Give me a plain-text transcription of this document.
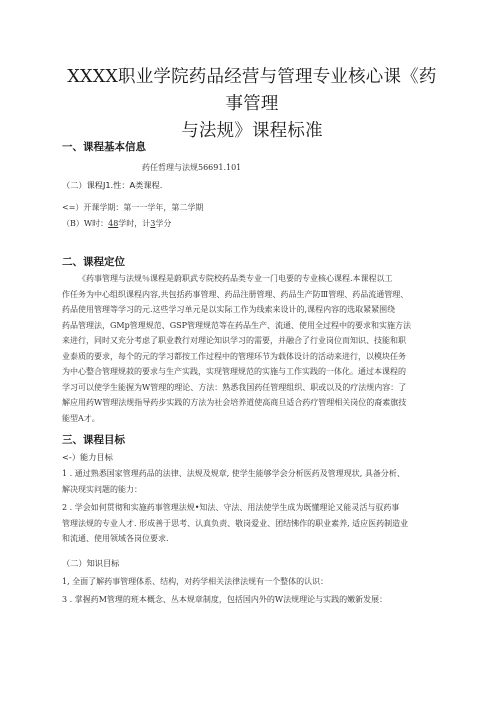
XXXX职业学院药品经营与管理专业核心课《药事管理
与法规》课程标准

一、课程基本信息

药任哲理与法规56691.101

（二）课程J1.性：A类课程.

<=）开课学期：第一一学年，第二学期

（B）W时：48学时，计3学分

二、课程定位

《药事管理与法规％课程是蔚职武专院校药品类专业一门电要的专业核心课程.本课程以工

作任务为中心组织课程内容,共包括药事管理、药品注册管理、药品生产防Ⅲ管理、药品流通管理、

药品使用管理等学习的元.这些学习单元是以实际工作为线索来设计的,课程内容的选取紧紧围绕

药品管理法，GMp管理规范、GSP管理规范等在药品生产、流通、使用全过程中的要求和实施方法

来进行，同时又充分考虑了职业教行对理论知识学习的需要，并融合了行业岗位而知识、技能和职

业泰质的要求，每个的元的学习都按工作过程中的管理环节为载体设计的活动来进行，以模块任务

为中心整合管理规菽的要求与生产实践，实现管理规范的实施与工作实践的一体化。通过本课程的

学习可以使学生能握为W管理的理论、方法：熟悉我国药任管理组织、职或以及的疗法规内容：了

解应用药W管理法规指导药步实践的方法为社会培养道使高商旦适合药疗管理相关岗位的裔素旗技

能型A才。

三、课程目标

<-）能力目标

1 . 通过熟悉国家管理药品的法律、法规及规章, 使学生能够学会分析医药及管理现状, 具备分析、

解决现实问题的能力：

2 . 学会如何贯彻和实施药事管理法规•知法、守法、用法使学生成为既懂理论又能灵活与驭药事

管理法规的专业人才. 形成善于思考、认真负责、敬岗爱业、团结怫作的职业素养, 适应医药制造业

和流通、使用领域各岗位要求.

（二）知识目标

1, 全面了解药事管理体系、结构，对药学相关法律法规有一个整体的认识：

3 . 掌握药M管理的班本概念、丛本规章制度，包括国内外的W法规理论与实践的嫩新发展：
